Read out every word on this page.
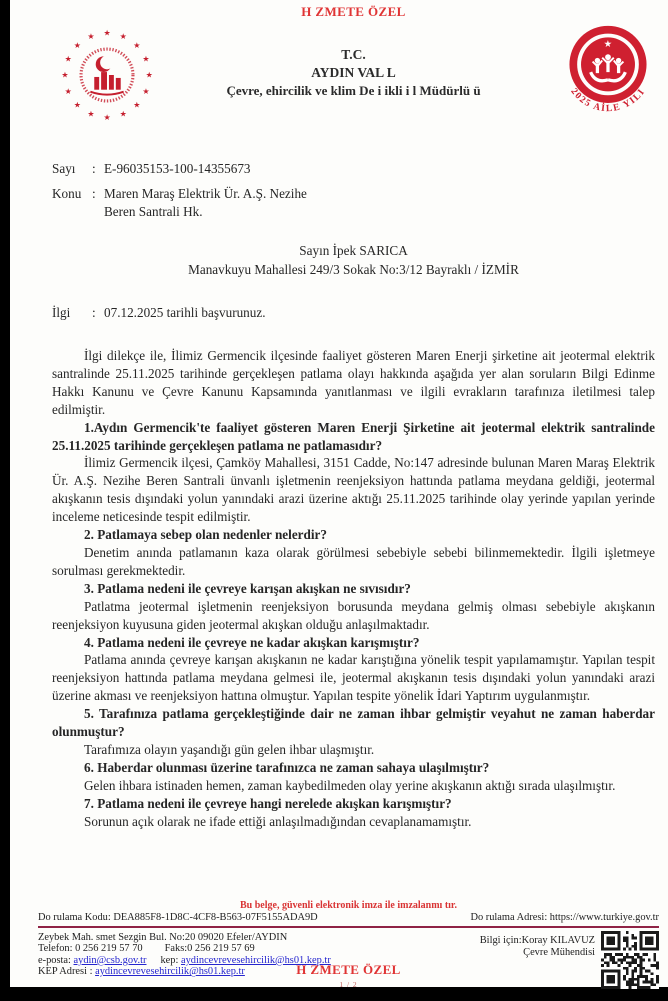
H ZMETE ÖZEL
★
★
★
★
★
★
★
★
★
★
★
★ ★ ★
★
★	T.C.
AYDIN VAL L
Çevre, ehircilik ve klim De i ikli i l Müdürlü ü
★
2025 AİLE YILI
Sayı	: E-96035153-100-14355673
Konu : Maren Maraş Elektrik Ür. A.Ş. Nezihe
Beren Santrali Hk.
Sayın İpek SARICA
Manavkuyu Mahallesi 249/3 Sokak No:3/12 Bayraklı / İZMİR
İlgi	: 07.12.2025 tarihli başvurunuz.

İlgi dilekçe ile, İlimiz Germencik ilçesinde faaliyet gösteren Maren Enerji şirketine ait jeotermal elektrik santralinde 25.11.2025 tarihinde gerçekleşen patlama olayı hakkında aşağıda yer alan soruların Bilgi Edinme Hakkı Kanunu ve Çevre Kanunu Kapsamında yanıtlanması ve ilgili evrakların tarafınıza iletilmesi talep edilmiştir.

1.Aydın Germencik'te faaliyet gösteren Maren Enerji Şirketine ait jeotermal elektrik santralinde 25.11.2025 tarihinde gerçekleşen patlama ne patlamasıdır?

İlimiz Germencik ilçesi, Çamköy Mahallesi, 3151 Cadde, No:147 adresinde bulunan Maren Maraş Elektrik Ür. A.Ş. Nezihe Beren Santrali ünvanlı işletmenin reenjeksiyon hattında patlama meydana geldiği, jeotermal akışkanın tesis dışındaki yolun yanındaki arazi üzerine aktığı 25.11.2025 tarihinde olay yerinde yapılan yerinde inceleme neticesinde tespit edilmiştir.

2. Patlamaya sebep olan nedenler nelerdir?

Denetim anında patlamanın kaza olarak görülmesi sebebiyle sebebi bilinmemektedir. İlgili işletmeye sorulması gerekmektedir.

3. Patlama nedeni ile çevreye karışan akışkan ne sıvısıdır?

Patlatma jeotermal işletmenin reenjeksiyon borusunda meydana gelmiş olması sebebiyle akışkanın reenjeksiyon kuyusuna giden jeotermal akışkan olduğu anlaşılmaktadır.

4. Patlama nedeni ile çevreye ne kadar akışkan karışmıştır?

Patlama anında çevreye karışan akışkanın ne kadar karıştığına yönelik tespit yapılamamıştır. Yapılan tespit reenjeksiyon hattında patlama meydana gelmesi ile, jeotermal akışkanın tesis dışındaki yolun yanındaki arazi üzerine akması ve reenjeksiyon hattına olmuştur. Yapılan tespite yönelik İdari Yaptırım uygulanmıştır.

5. Tarafınıza patlama gerçekleştiğinde dair ne zaman ihbar gelmiştir veyahut ne zaman haberdar olunmuştur?

Tarafımıza olayın yaşandığı gün gelen ihbar ulaşmıştır.

6. Haberdar olunması üzerine tarafınızca ne zaman sahaya ulaşılmıştır?

Gelen ihbara istinaden hemen, zaman kaybedilmeden olay yerine akışkanın aktığı sırada ulaşılmıştır.

7. Patlama nedeni ile çevreye hangi nerelede akışkan karışmıştır?

Sorunun açık olarak ne ifade ettiği anlaşılmadığından cevaplanamamıştır.

Bu belge, güvenli elektronik imza ile imzalanmı tır.
Do rulama Kodu: DEA885F8-1D8C-4CF8-B563-07F5155ADA9D	Do rulama Adresi: https://www.turkiye.gov.tr
Zeybek Mah. smet Sezgin Bul. No:20 09020 Efeler/AYDIN
Telefon: 0 256 219 57 70 Faks:0 256 219 57 69
e-posta: aydin@csb.gov.tr kep: aydincevrevesehircilik@hs01.kep.tr
KEP Adresi : aydincevrevesehircilik@hs01.kep.tr
Bilgi için:Koray KILAVUZ
Çevre Mühendisi
H ZMETE ÖZEL
1 / 2
